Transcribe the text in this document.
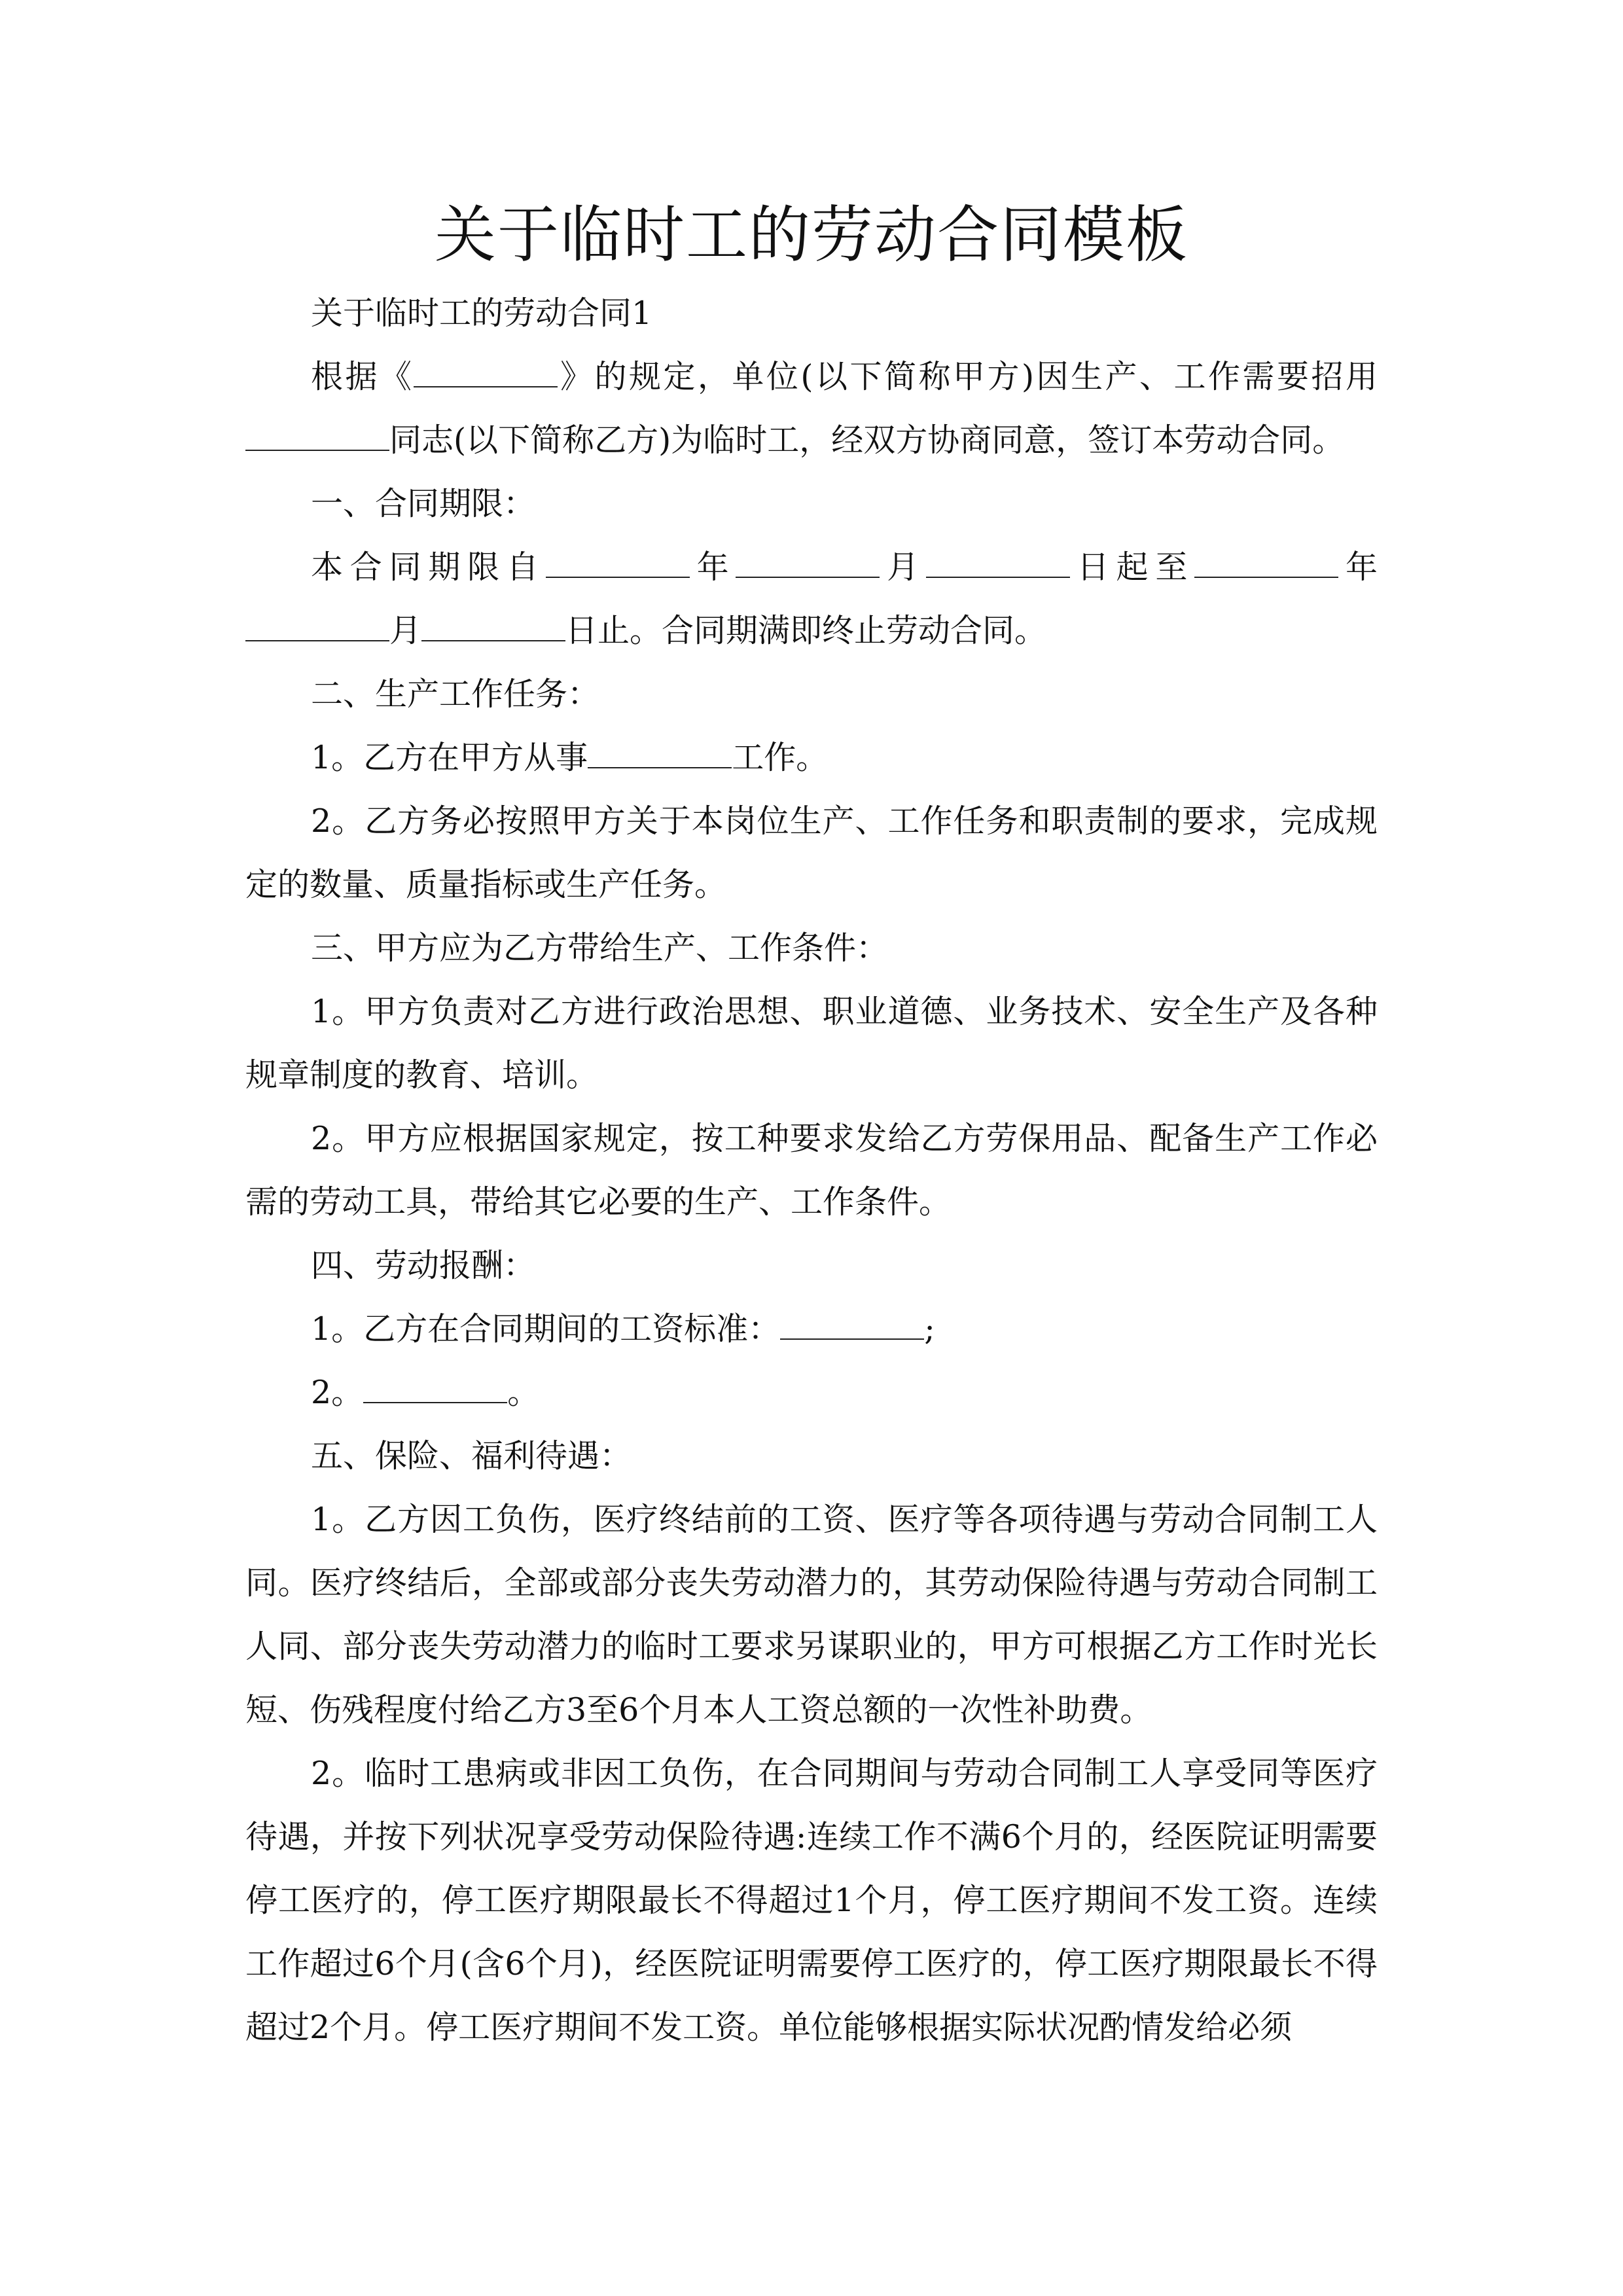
关于临时工的劳动合同模板

关于临时工的劳动合同1

根据《	》的规定，单位(以下简称甲方)因生产、工作需要招用同志(以下简称乙方)为临时工，经双方协商同意，签订本劳动合同。

一、合同期限：

本合同期限自	年	月	日起至	年月	日止。合同期满即终止劳动合同。

二、生产工作任务：

1。乙方在甲方从事	工作。

2。乙方务必按照甲方关于本岗位生产、工作任务和职责制的要求，完成规定的数量、质量指标或生产任务。

三、甲方应为乙方带给生产、工作条件：

1。甲方负责对乙方进行政治思想、职业道德、业务技术、安全生产及各种规章制度的教育、培训。

2。甲方应根据国家规定，按工种要求发给乙方劳保用品、配备生产工作必需的劳动工具，带给其它必要的生产、工作条件。

四、劳动报酬：

1。乙方在合同期间的工资标准：	;

2。	。

五、保险、福利待遇：

1。乙方因工负伤，医疗终结前的工资、医疗等各项待遇与劳动合同制工人同。医疗终结后，全部或部分丧失劳动潜力的，其劳动保险待遇与劳动合同制工人同、部分丧失劳动潜力的临时工要求另谋职业的，甲方可根据乙方工作时光长短、伤残程度付给乙方3至6个月本人工资总额的一次性补助费。

2。临时工患病或非因工负伤，在合同期间与劳动合同制工人享受同等医疗待遇，并按下列状况享受劳动保险待遇:连续工作不满6个月的，经医院证明需要停工医疗的，停工医疗期限最长不得超过1个月，停工医疗期间不发工资。连续工作超过6个月(含6个月)，经医院证明需要停工医疗的，停工医疗期限最长不得超过2个月。停工医疗期间不发工资。单位能够根据实际状况酌情发给必须
